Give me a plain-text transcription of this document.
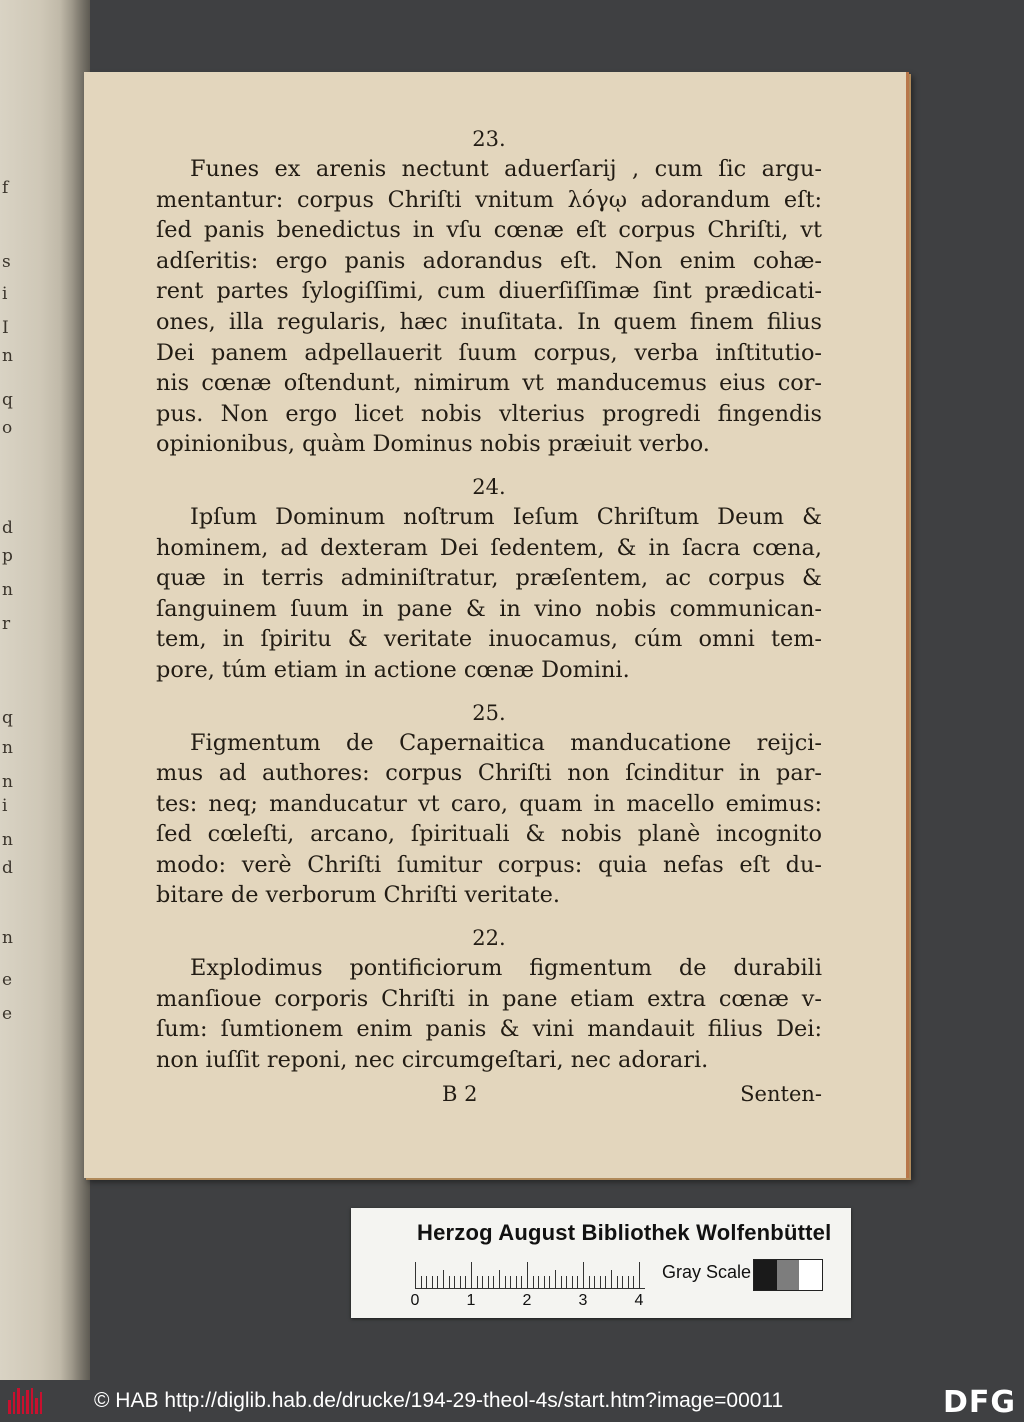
f
s
i
I
n
q
o
d
p
n
r
q
n
n
i
n
d
n
e
e
23.

Funes ex arenis nectunt aduerſarij , cum ſic argu-

mentantur: corpus Chriſti vnitum λόγῳ adorandum eſt:

ſed panis benedictus in vſu cœnæ eſt corpus Chriſti, vt

adſeritis: ergo panis adorandus eſt. Non enim cohæ-

rent partes ſylogiſſimi, cum diuerſiſſimæ ſint prædicati-

ones, illa regularis, hæc inuſitata. In quem finem filius

Dei panem adpellauerit ſuum corpus, verba inſtitutio-

nis cœnæ oſtendunt, nimirum vt manducemus eius cor-

pus. Non ergo licet nobis vlterius progredi fingendis

opinionibus, quàm Dominus nobis præiuit verbo.

24.

Ipſum Dominum noſtrum Ieſum Chriſtum Deum &

hominem, ad dexteram Dei ſedentem, & in ſacra cœna,

quæ in terris adminiſtratur, præſentem, ac corpus &

ſanguinem ſuum in pane & in vino nobis communican-

tem, in ſpiritu & veritate inuocamus, cúm omni tem-

pore, túm etiam in actione cœnæ Domini.

25.

Figmentum de Capernaitica manducatione reijci-

mus ad authores: corpus Chriſti non ſcinditur in par-

tes: neq; manducatur vt caro, quam in macello emimus:

ſed cœleſti, arcano, ſpirituali & nobis planè incognito

modo: verè Chriſti ſumitur corpus: quia nefas eſt du-

bitare de verborum Chriſti veritate.

22.

Explodimus pontificiorum figmentum de durabili

manſioue corporis Chriſti in pane etiam extra cœnæ v-

ſum: ſumtionem enim panis & vini mandauit filius Dei:

non iuſſit reponi, nec circumgeſtari, nec adorari.

B 2	Senten-
Herzog August Bibliothek Wolfenbüttel
0	1	2	3	4
Gray Scale
© HAB http://diglib.hab.de/drucke/194-29-theol-4s/start.htm?image=00011	DFG
